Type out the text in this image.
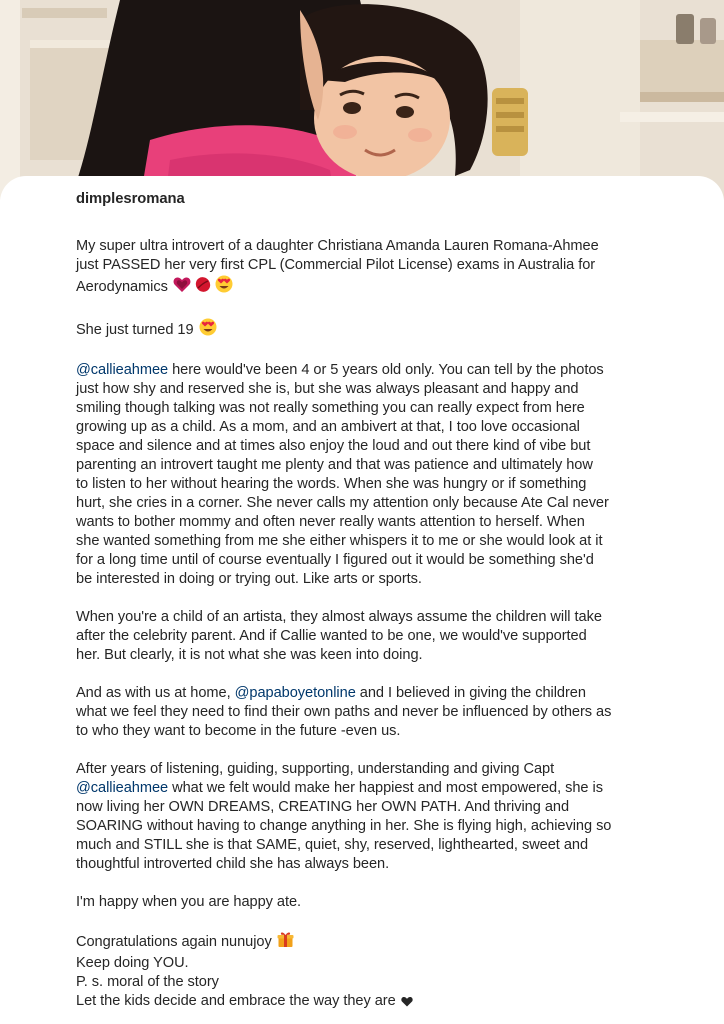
dimplesromana
My super ultra introvert of a daughter Christiana Amanda Lauren Romana-Ahmee
just PASSED her very first CPL (Commercial Pilot License) exams in Australia for
Aerodynamics
She just turned 19
@callieahmee here would've been 4 or 5 years old only. You can tell by the photos
just how shy and reserved she is, but she was always pleasant and happy and
smiling though talking was not really something you can really expect from here
growing up as a child. As a mom, and an ambivert at that, I too love occasional
space and silence and at times also enjoy the loud and out there kind of vibe but
parenting an introvert taught me plenty and that was patience and ultimately how
to listen to her without hearing the words. When she was hungry or if something
hurt, she cries in a corner. She never calls my attention only because Ate Cal never
wants to bother mommy and often never really wants attention to herself. When
she wanted something from me she either whispers it to me or she would look at it
for a long time until of course eventually I figured out it would be something she'd
be interested in doing or trying out. Like arts or sports.
When you're a child of an artista, they almost always assume the children will take
after the celebrity parent. And if Callie wanted to be one, we would've supported
her. But clearly, it is not what she was keen into doing.
And as with us at home, @papaboyetonline and I believed in giving the children
what we feel they need to find their own paths and never be influenced by others as
to who they want to become in the future -even us.
After years of listening, guiding, supporting, understanding and giving Capt
@callieahmee what we felt would make her happiest and most empowered, she is
now living her OWN DREAMS, CREATING her OWN PATH. And thriving and
SOARING without having to change anything in her. She is flying high, achieving so
much and STILL she is that SAME, quiet, shy, reserved, lighthearted, sweet and
thoughtful introverted child she has always been.
I'm happy when you are happy ate.
Congratulations again nunujoy
Keep doing YOU.
P. s. moral of the story
Let the kids decide and embrace the way they are
